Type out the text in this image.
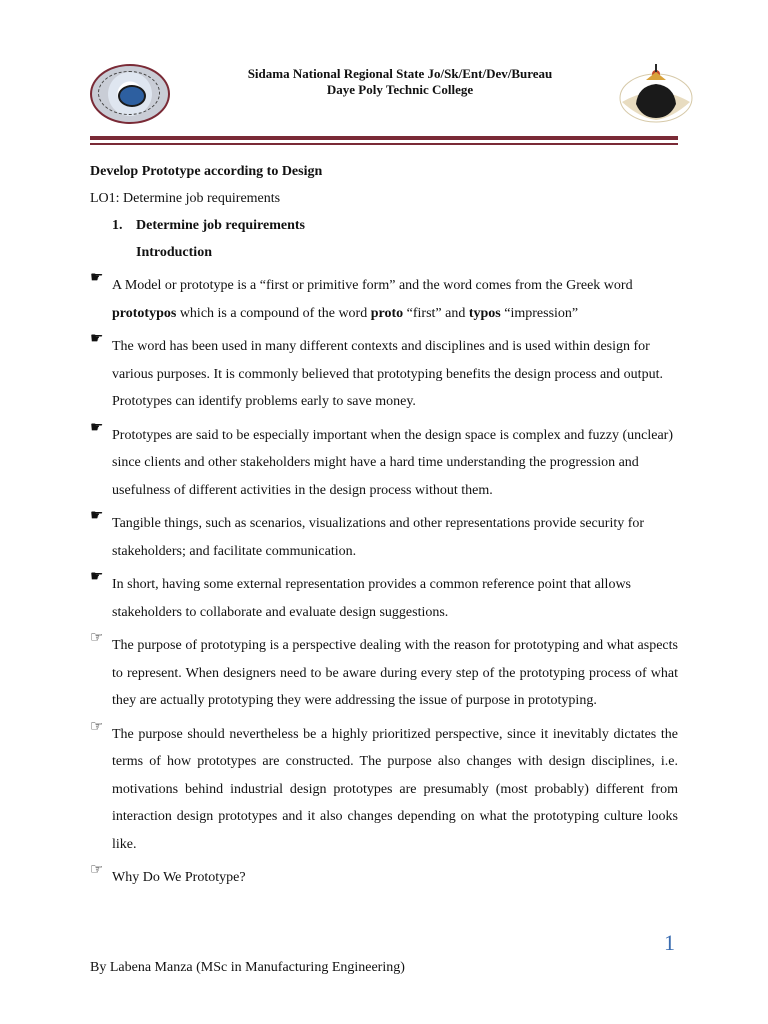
Sidama National Regional State Jo/Sk/Ent/Dev/Bureau
Daye Poly Technic College

Develop Prototype according to Design

LO1: Determine job requirements

1. Determine job requirements

Introduction

☛ A Model or prototype is a “first or primitive form” and the word comes from the Greek word prototypos which is a compound of the word proto “first” and typos “impression”
☛ The word has been used in many different contexts and disciplines and is used within design for various purposes. It is commonly believed that prototyping benefits the design process and output. Prototypes can identify problems early to save money.
☛ Prototypes are said to be especially important when the design space is complex and fuzzy (unclear) since clients and other stakeholders might have a hard time understanding the progression and usefulness of different activities in the design process without them.
☛ Tangible things, such as scenarios, visualizations and other representations provide security for stakeholders; and facilitate communication.
☛ In short, having some external representation provides a common reference point that allows stakeholders to collaborate and evaluate design suggestions.
☞ The purpose of prototyping is a perspective dealing with the reason for prototyping and what aspects to represent. When designers need to be aware during every step of the prototyping process of what they are actually prototyping they were addressing the issue of purpose in prototyping.
☞ The purpose should nevertheless be a highly prioritized perspective, since it inevitably dictates the terms of how prototypes are constructed. The purpose also changes with design disciplines, i.e. motivations behind industrial design prototypes are presumably (most probably) different from interaction design prototypes and it also changes depending on what the prototyping culture looks like.
☞ Why Do We Prototype?
1
By Labena Manza (MSc in Manufacturing Engineering)
